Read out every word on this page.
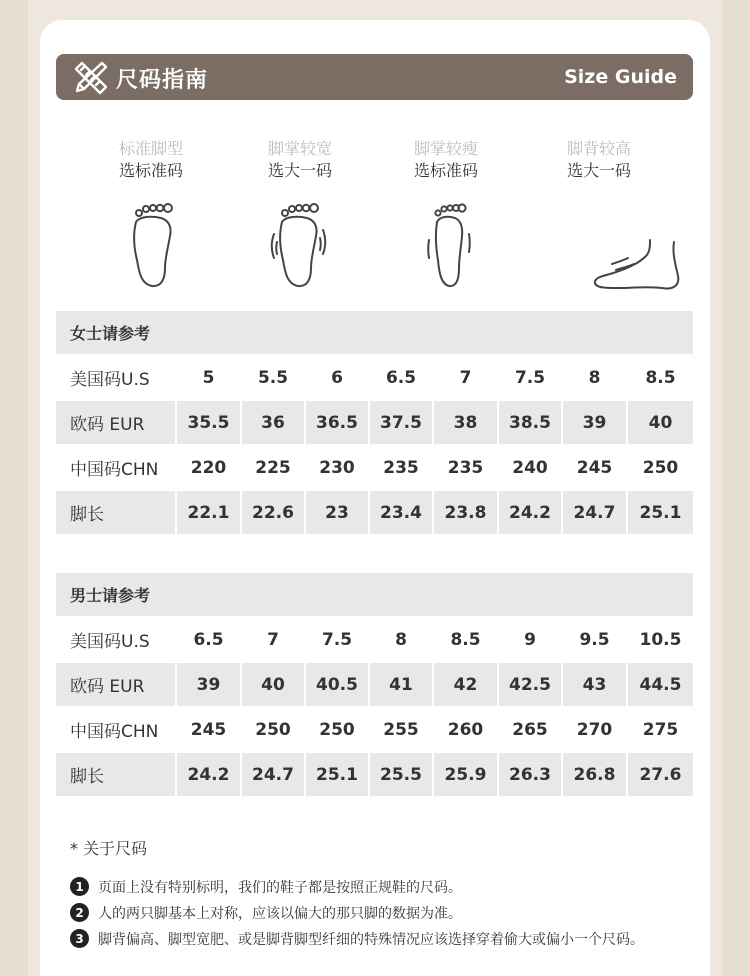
尺码指南	Size Guide
标准脚型
选标准码
脚掌较宽
选大一码
脚掌较瘦
选标准码
脚背较高
选大一码
女士请参考
美国码U.S	5	5.5	6	6.5	7	7.5	8	8.5
欧码 EUR	35.5	36	36.5	37.5	38	38.5	39	40
中国码CHN	220	225	230	235	235	240	245	250
脚长	22.1	22.6	23	23.4	23.8	24.2	24.7	25.1
男士请参考
美国码U.S	6.5	7	7.5	8	8.5	9	9.5	10.5
欧码 EUR	39	40	40.5	41	42	42.5	43	44.5
中国码CHN	245	250	250	255	260	265	270	275
脚长	24.2	24.7	25.1	25.5	25.9	26.3	26.8	27.6
* 关于尺码
1	页面上没有特别标明，我们的鞋子都是按照正规鞋的尺码。
2	人的两只脚基本上对称，应该以偏大的那只脚的数据为准。
3	脚背偏高、脚型宽肥、或是脚背脚型纤细的特殊情况应该选择穿着偷大或偏小一个尺码。
